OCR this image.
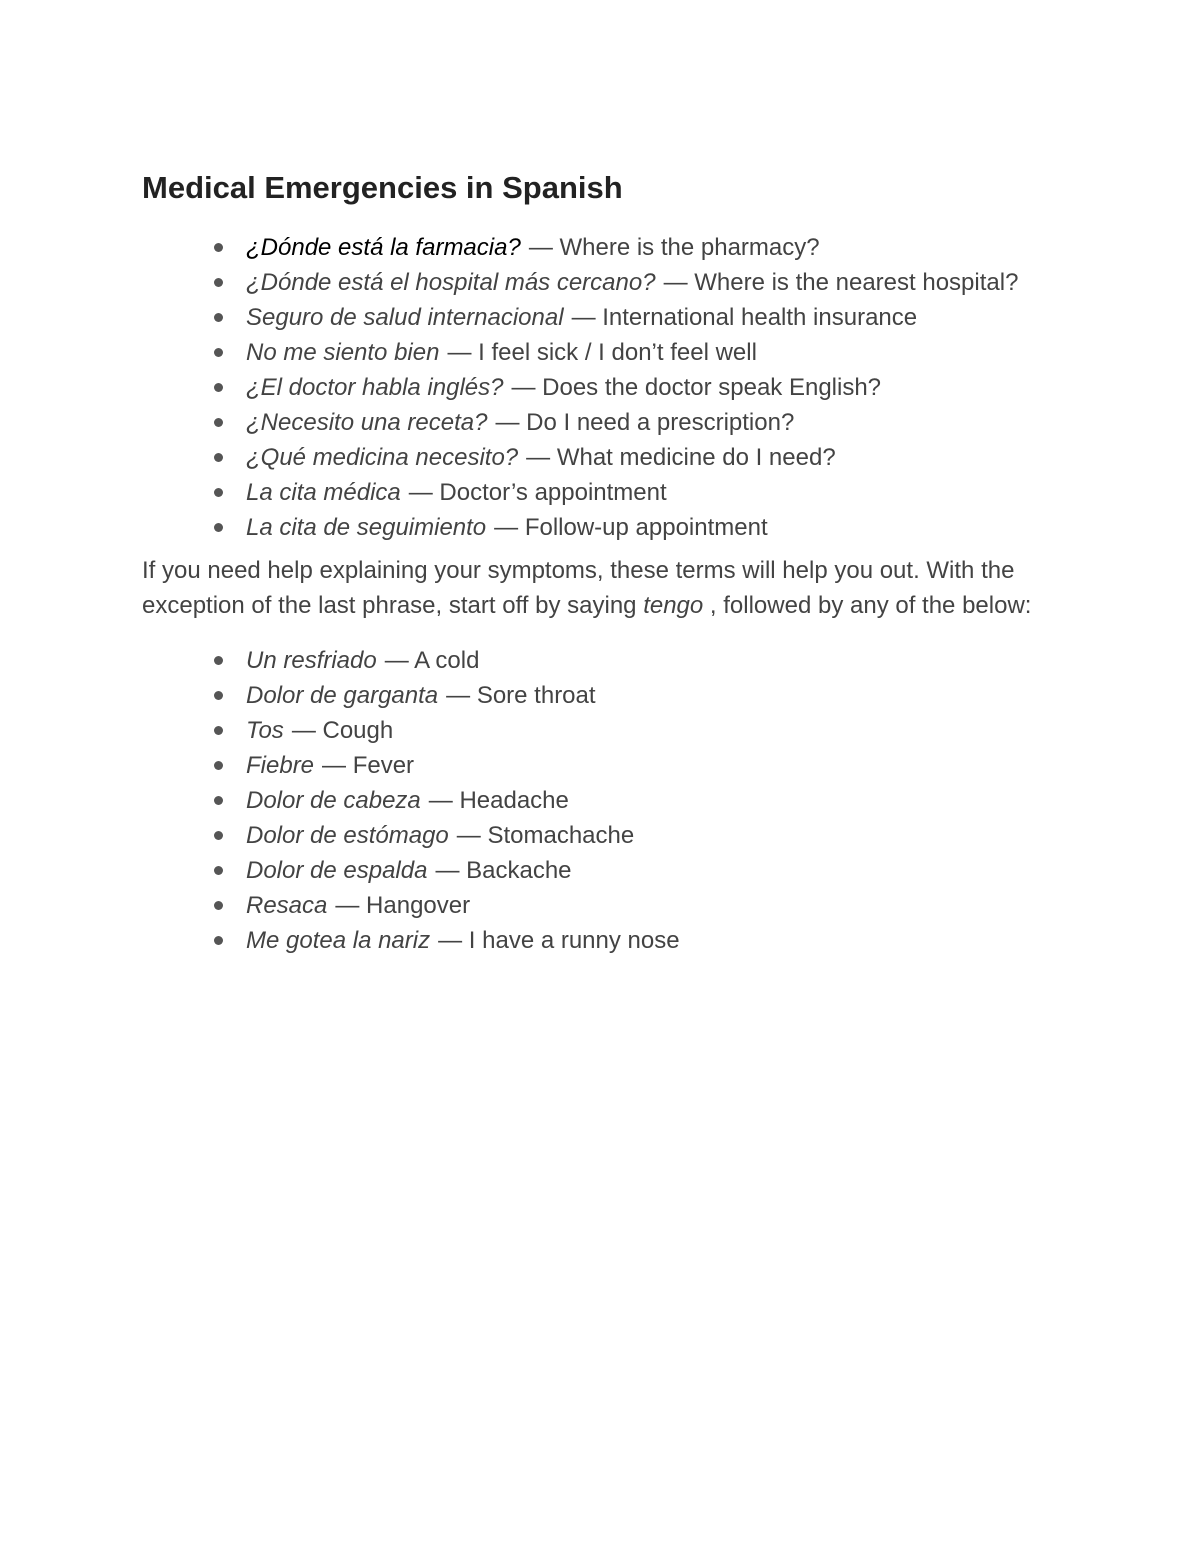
Medical Emergencies in Spanish
¿Dónde está la farmacia? — Where is the pharmacy?
¿Dónde está el hospital más cercano? — Where is the nearest hospital?
Seguro de salud internacional — International health insurance
No me siento bien — I feel sick / I don’t feel well
¿El doctor habla inglés? — Does the doctor speak English?
¿Necesito una receta? — Do I need a prescription?
¿Qué medicina necesito? — What medicine do I need?
La cita médica — Doctor’s appointment
La cita de seguimiento — Follow-up appointment

If you need help explaining your symptoms, these terms will help you out. With the exception of the last phrase, start off by saying tengo , followed by any of the below:

Un resfriado — A cold
Dolor de garganta — Sore throat
Tos — Cough
Fiebre — Fever
Dolor de cabeza — Headache
Dolor de estómago — Stomachache
Dolor de espalda — Backache
Resaca — Hangover
Me gotea la nariz — I have a runny nose
